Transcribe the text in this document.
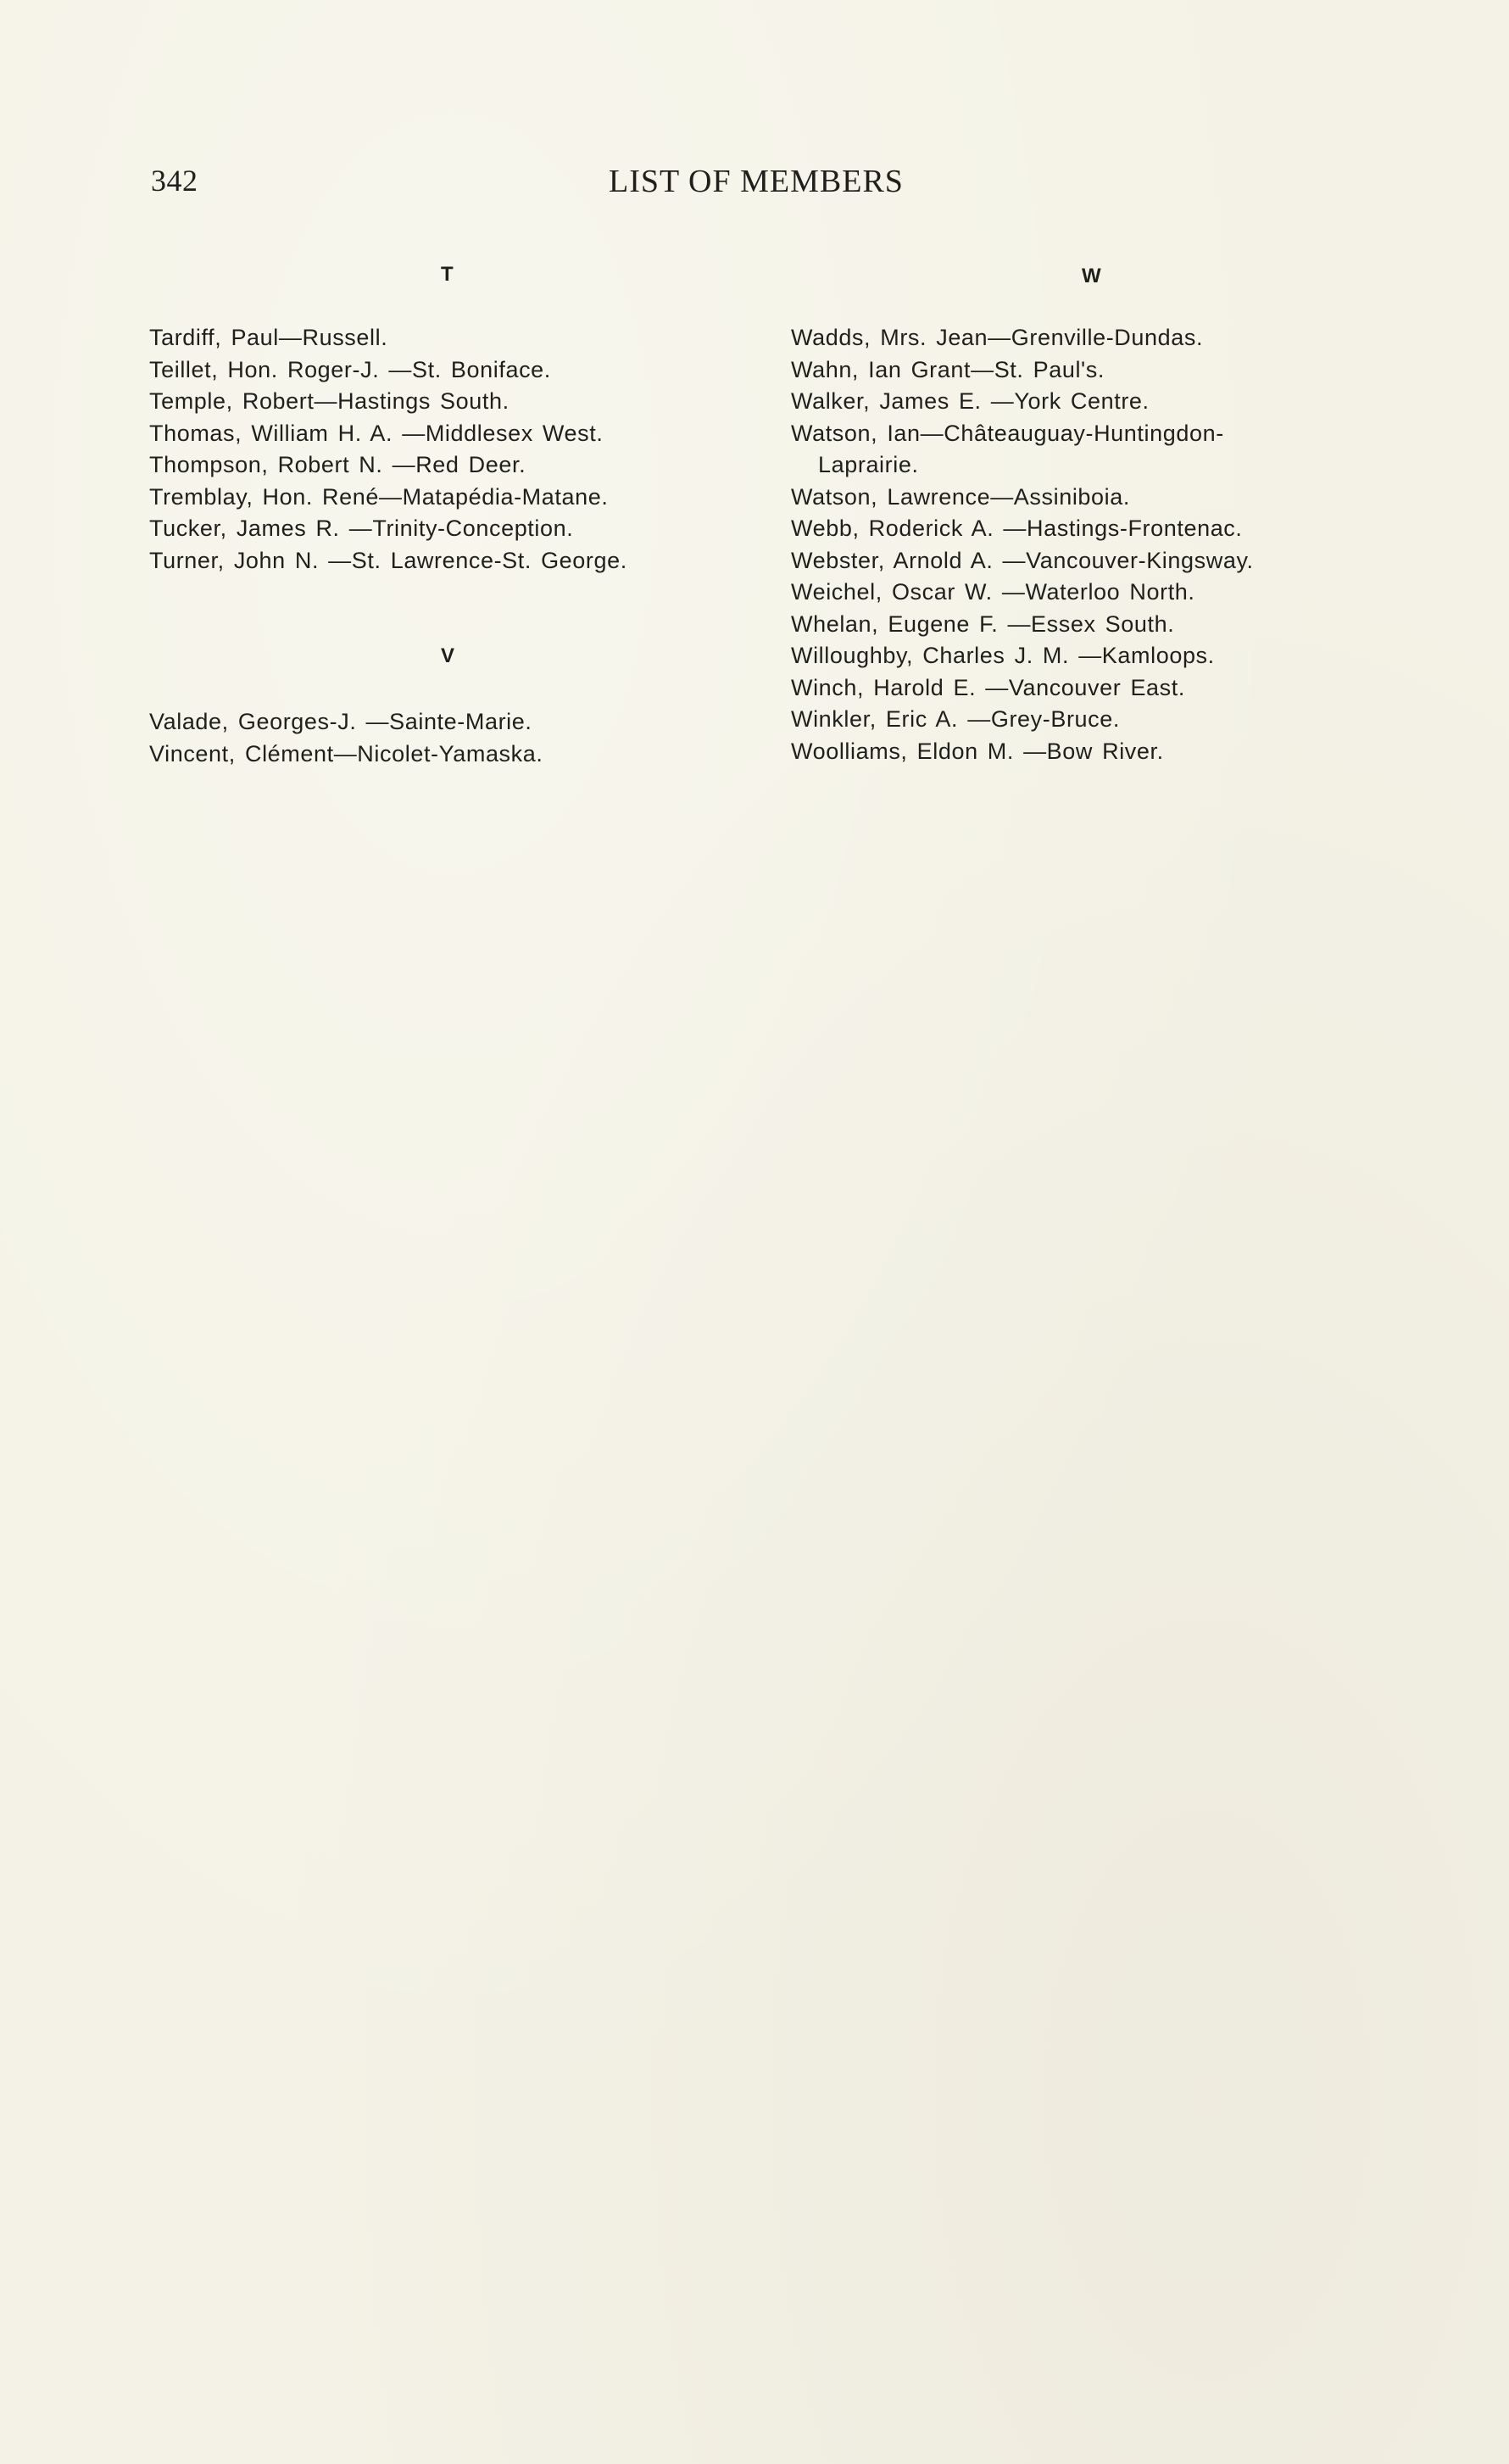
342	LIST OF MEMBERS
T
Tardiff, Paul—Russell.
Teillet, Hon. Roger-J. —St. Boniface.
Temple, Robert—Hastings South.
Thomas, William H. A. —Middlesex West.
Thompson, Robert N. —Red Deer.
Tremblay, Hon. René—Matapédia-Matane.
Tucker, James R. —Trinity-Conception.
Turner, John N. —St. Lawrence-St. George.
V
Valade, Georges-J. —Sainte-Marie.
Vincent, Clément—Nicolet-Yamaska.
W
Wadds, Mrs. Jean—Grenville-Dundas.
Wahn, Ian Grant—St. Paul's.
Walker, James E. —York Centre.
Watson, Ian—Châteauguay-Huntingdon-Laprairie.
Watson, Lawrence—Assiniboia.
Webb, Roderick A. —Hastings-Frontenac.
Webster, Arnold A. —Vancouver-Kingsway.
Weichel, Oscar W. —Waterloo North.
Whelan, Eugene F. —Essex South.
Willoughby, Charles J. M. —Kamloops.
Winch, Harold E. —Vancouver East.
Winkler, Eric A. —Grey-Bruce.
Woolliams, Eldon M. —Bow River.
